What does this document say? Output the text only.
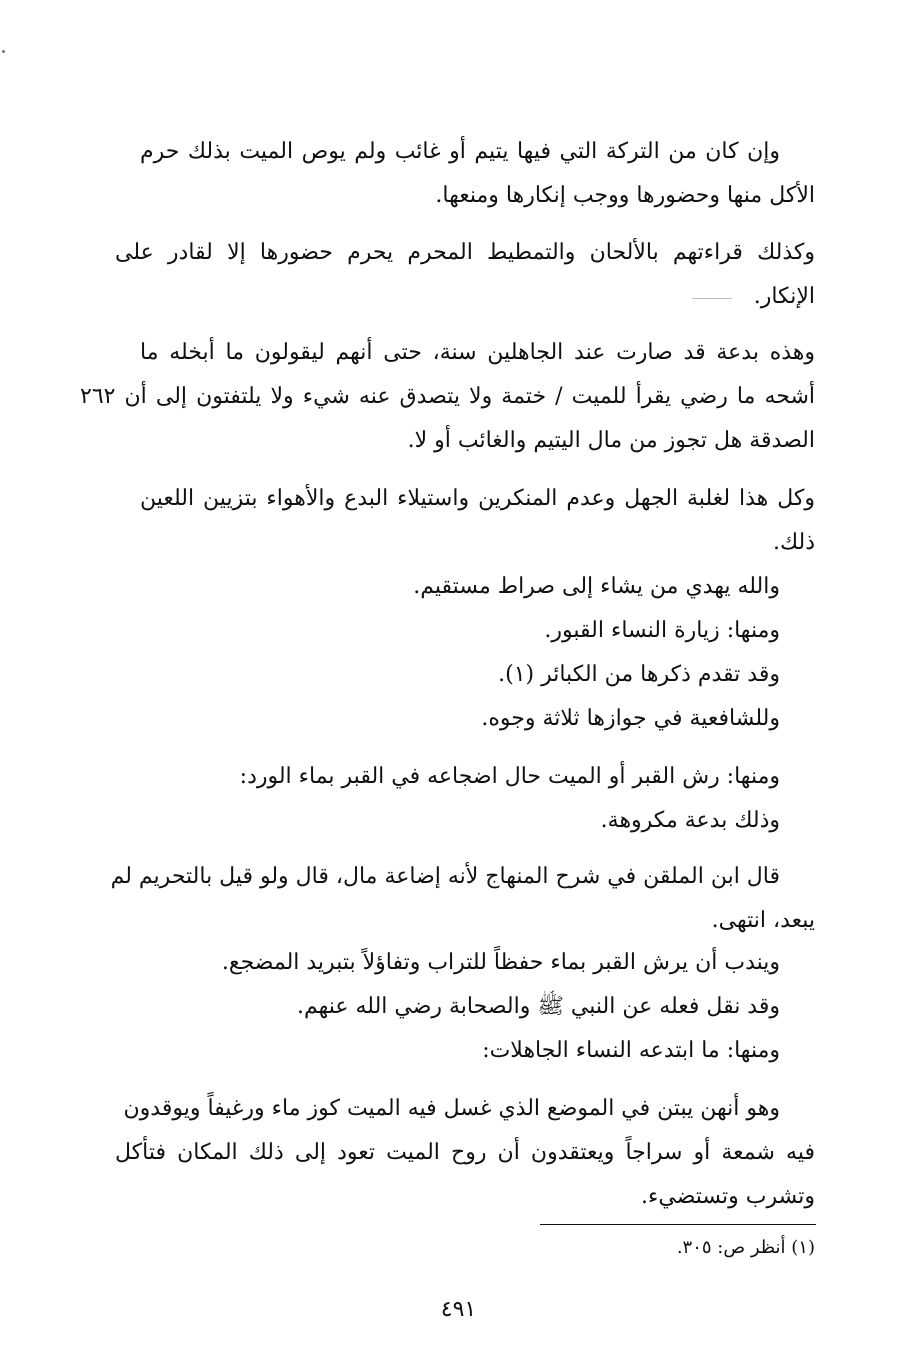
وإن كان من التركة التي فيها يتيم أو غائب ولم يوص الميت بذلك حرم
الأكل منها وحضورها ووجب إنكارها ومنعها.
وكذلك قراءتهم بالألحان والتمطيط المحرم يحرم حضورها إلا لقادر على
الإنكار.
وهذه بدعة قد صارت عند الجاهلين سنة، حتى أنهم ليقولون ما أبخله ما
أشحه ما رضي يقرأ للميت / ختمة ولا يتصدق عنه شيء ولا يلتفتون إلى أن ٢٦٢
الصدقة هل تجوز من مال اليتيم والغائب أو لا.
وكل هذا لغلبة الجهل وعدم المنكرين واستيلاء البدع والأهواء بتزيين اللعين
ذلك.
والله يهدي من يشاء إلى صراط مستقيم.
ومنها: زيارة النساء القبور.
وقد تقدم ذكرها من الكبائر (١).
وللشافعية في جوازها ثلاثة وجوه.
ومنها: رش القبر أو الميت حال اضجاعه في القبر بماء الورد:
وذلك بدعة مكروهة.
قال ابن الملقن في شرح المنهاج لأنه إضاعة مال، قال ولو قيل بالتحريم لم
يبعد، انتهى.
ويندب أن يرش القبر بماء حفظاً للتراب وتفاؤلاً بتبريد المضجع.
وقد نقل فعله عن النبي ﷺ والصحابة رضي الله عنهم.
ومنها: ما ابتدعه النساء الجاهلات:
وهو أنهن يبتن في الموضع الذي غسل فيه الميت كوز ماء ورغيفاً ويوقدون
فيه شمعة أو سراجاً ويعتقدون أن روح الميت تعود إلى ذلك المكان فتأكل
وتشرب وتستضيء.
(١) أنظر ص: ٣٠٥.
٤٩١
